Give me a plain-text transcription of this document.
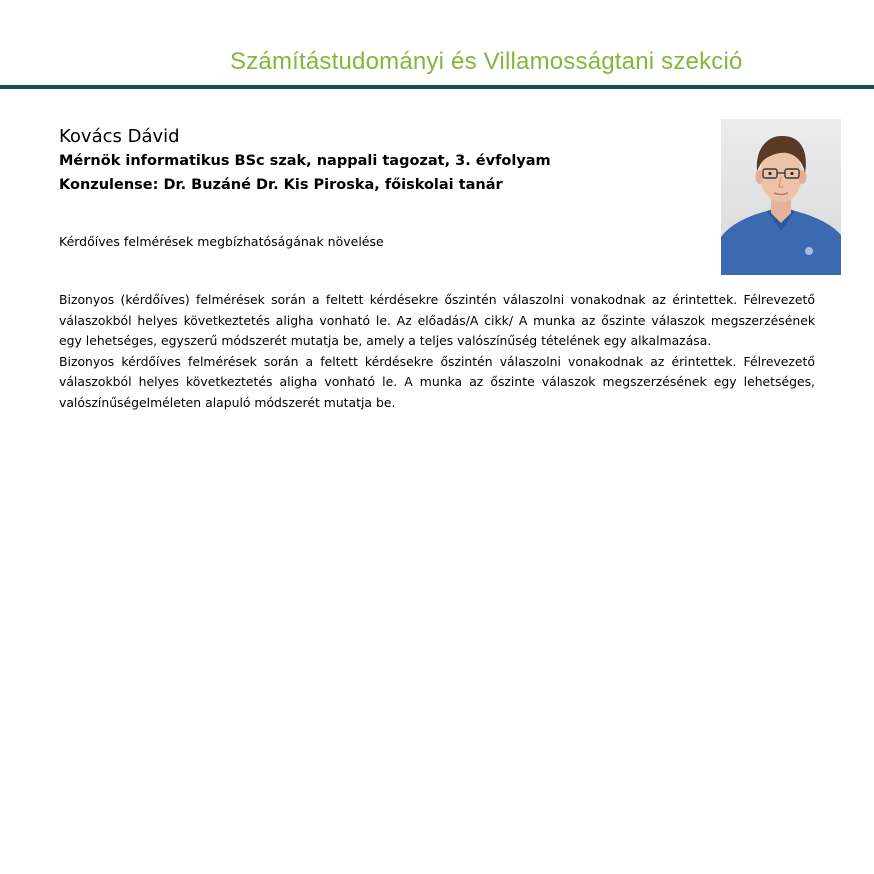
Számítástudományi és Villamosságtani szekció
Kovács Dávid
Mérnök informatikus BSc szak, nappali tagozat, 3. évfolyam
Konzulense: Dr. Buzáné Dr. Kis Piroska, főiskolai tanár
Kérdőíves felmérések megbízhatóságának növelése

Bizonyos (kérdőíves) felmérések során a feltett kérdésekre őszintén válaszolni vonakodnak az érintettek. Félrevezető válaszokból helyes következtetés aligha vonható le. Az előadás/A cikk/ A munka az őszinte válaszok megszerzésének egy lehetséges, egyszerű módszerét mutatja be, amely a teljes valószínűség tételének egy alkalmazása.

Bizonyos kérdőíves felmérések során a feltett kérdésekre őszintén válaszolni vonakodnak az érintettek. Félrevezető válaszokból helyes következtetés aligha vonható le. A munka az őszinte válaszok megszerzésének egy lehetséges, valószínűségelméleten alapuló módszerét mutatja be.
